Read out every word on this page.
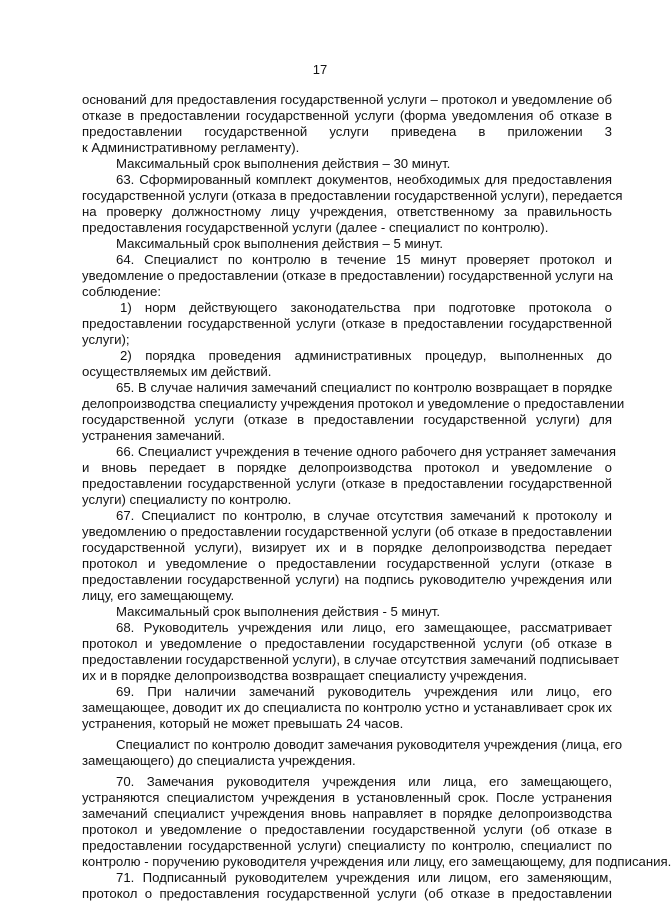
17
оснований для предоставления государственной услуги – протокол и уведомление об
отказе в предоставлении государственной услуги (форма уведомления об отказе в
предоставлении государственной услуги приведена в приложении 3
к Административному регламенту).
Максимальный срок выполнения действия – 30 минут.
63. Сформированный комплект документов, необходимых для предоставления
государственной услуги (отказа в предоставлении государственной услуги), передается
на проверку должностному лицу учреждения, ответственному за правильность
предоставления государственной услуги (далее - специалист по контролю).
Максимальный срок выполнения действия – 5 минут.
64. Специалист по контролю в течение 15 минут проверяет протокол и
уведомление о предоставлении (отказе в предоставлении) государственной услуги на
соблюдение:
1) норм действующего законодательства при подготовке протокола о
предоставлении государственной услуги (отказе в предоставлении государственной
услуги);
2) порядка проведения административных процедур, выполненных до
осуществляемых им действий.
65. В случае наличия замечаний специалист по контролю возвращает в порядке
делопроизводства специалисту учреждения протокол и уведомление о предоставлении
государственной услуги (отказе в предоставлении государственной услуги) для
устранения замечаний.
66. Специалист учреждения в течение одного рабочего дня устраняет замечания
и вновь передает в порядке делопроизводства протокол и уведомление о
предоставлении государственной услуги (отказе в предоставлении государственной
услуги) специалисту по контролю.
67. Специалист по контролю, в случае отсутствия замечаний к протоколу и
уведомлению о предоставлении государственной услуги (об отказе в предоставлении
государственной услуги), визирует их и в порядке делопроизводства передает
протокол и уведомление о предоставлении государственной услуги (отказе в
предоставлении государственной услуги) на подпись руководителю учреждения или
лицу, его замещающему.
Максимальный срок выполнения действия - 5 минут.
68. Руководитель учреждения или лицо, его замещающее, рассматривает
протокол и уведомление о предоставлении государственной услуги (об отказе в
предоставлении государственной услуги), в случае отсутствия замечаний подписывает
их и в порядке делопроизводства возвращает специалисту учреждения.
69. При наличии замечаний руководитель учреждения или лицо, его
замещающее, доводит их до специалиста по контролю устно и устанавливает срок их
устранения, который не может превышать 24 часов.
Специалист по контролю доводит замечания руководителя учреждения (лица, его
замещающего) до специалиста учреждения.
70. Замечания руководителя учреждения или лица, его замещающего,
устраняются специалистом учреждения в установленный срок. После устранения
замечаний специалист учреждения вновь направляет в порядке делопроизводства
протокол и уведомление о предоставлении государственной услуги (об отказе в
предоставлении государственной услуги) специалисту по контролю, специалист по
контролю - поручению руководителя учреждения или лицу, его замещающему, для подписания.
71. Подписанный руководителем учреждения или лицом, его заменяющим,
протокол о предоставления государственной услуги (об отказе в предоставлении
